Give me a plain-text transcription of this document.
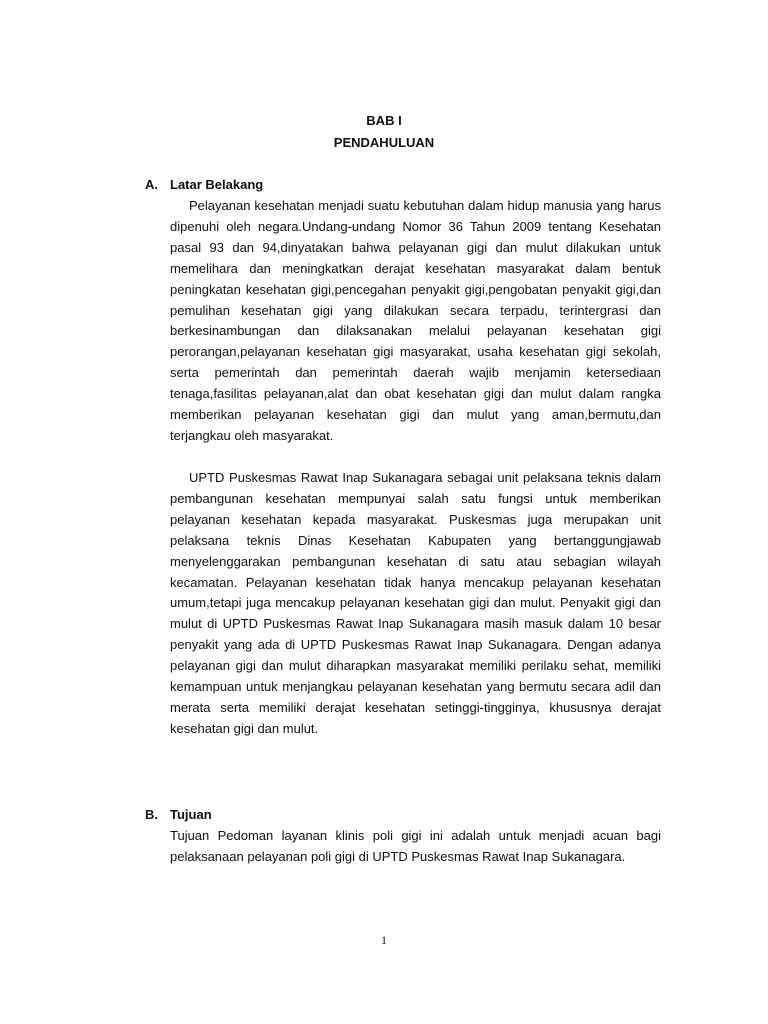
BAB I

PENDAHULUAN

A. Latar Belakang

Pelayanan kesehatan menjadi suatu kebutuhan dalam hidup manusia yang harus dipenuhi oleh negara.Undang-undang Nomor 36 Tahun 2009 tentang Kesehatan pasal 93 dan 94,dinyatakan bahwa pelayanan gigi dan mulut dilakukan untuk memelihara dan meningkatkan derajat kesehatan masyarakat dalam bentuk peningkatan kesehatan gigi,pencegahan penyakit gigi,pengobatan penyakit gigi,dan pemulihan kesehatan gigi yang dilakukan secara terpadu, terintergrasi dan berkesinambungan dan dilaksanakan melalui pelayanan kesehatan gigi perorangan,pelayanan kesehatan gigi masyarakat, usaha kesehatan gigi sekolah, serta pemerintah dan pemerintah daerah wajib menjamin ketersediaan tenaga,fasilitas pelayanan,alat dan obat kesehatan gigi dan mulut dalam rangka memberikan pelayanan kesehatan gigi dan mulut yang aman,bermutu,dan terjangkau oleh masyarakat.

UPTD Puskesmas Rawat Inap Sukanagara sebagai unit pelaksana teknis dalam pembangunan kesehatan mempunyai salah satu fungsi untuk memberikan pelayanan kesehatan kepada masyarakat. Puskesmas juga merupakan unit pelaksana teknis Dinas Kesehatan Kabupaten yang bertanggungjawab menyelenggarakan pembangunan kesehatan di satu atau sebagian wilayah kecamatan. Pelayanan kesehatan tidak hanya mencakup pelayanan kesehatan umum,tetapi juga mencakup pelayanan kesehatan gigi dan mulut. Penyakit gigi dan mulut di UPTD Puskesmas Rawat Inap Sukanagara masih masuk dalam 10 besar penyakit yang ada di UPTD Puskesmas Rawat Inap Sukanagara. Dengan adanya pelayanan gigi dan mulut diharapkan masyarakat memiliki perilaku sehat, memiliki kemampuan untuk menjangkau pelayanan kesehatan yang bermutu secara adil dan merata serta memiliki derajat kesehatan setinggi-tingginya, khususnya derajat kesehatan gigi dan mulut.

B. Tujuan

Tujuan Pedoman layanan klinis poli gigi ini adalah untuk menjadi acuan bagi pelaksanaan pelayanan poli gigi di UPTD Puskesmas Rawat Inap Sukanagara.

1
